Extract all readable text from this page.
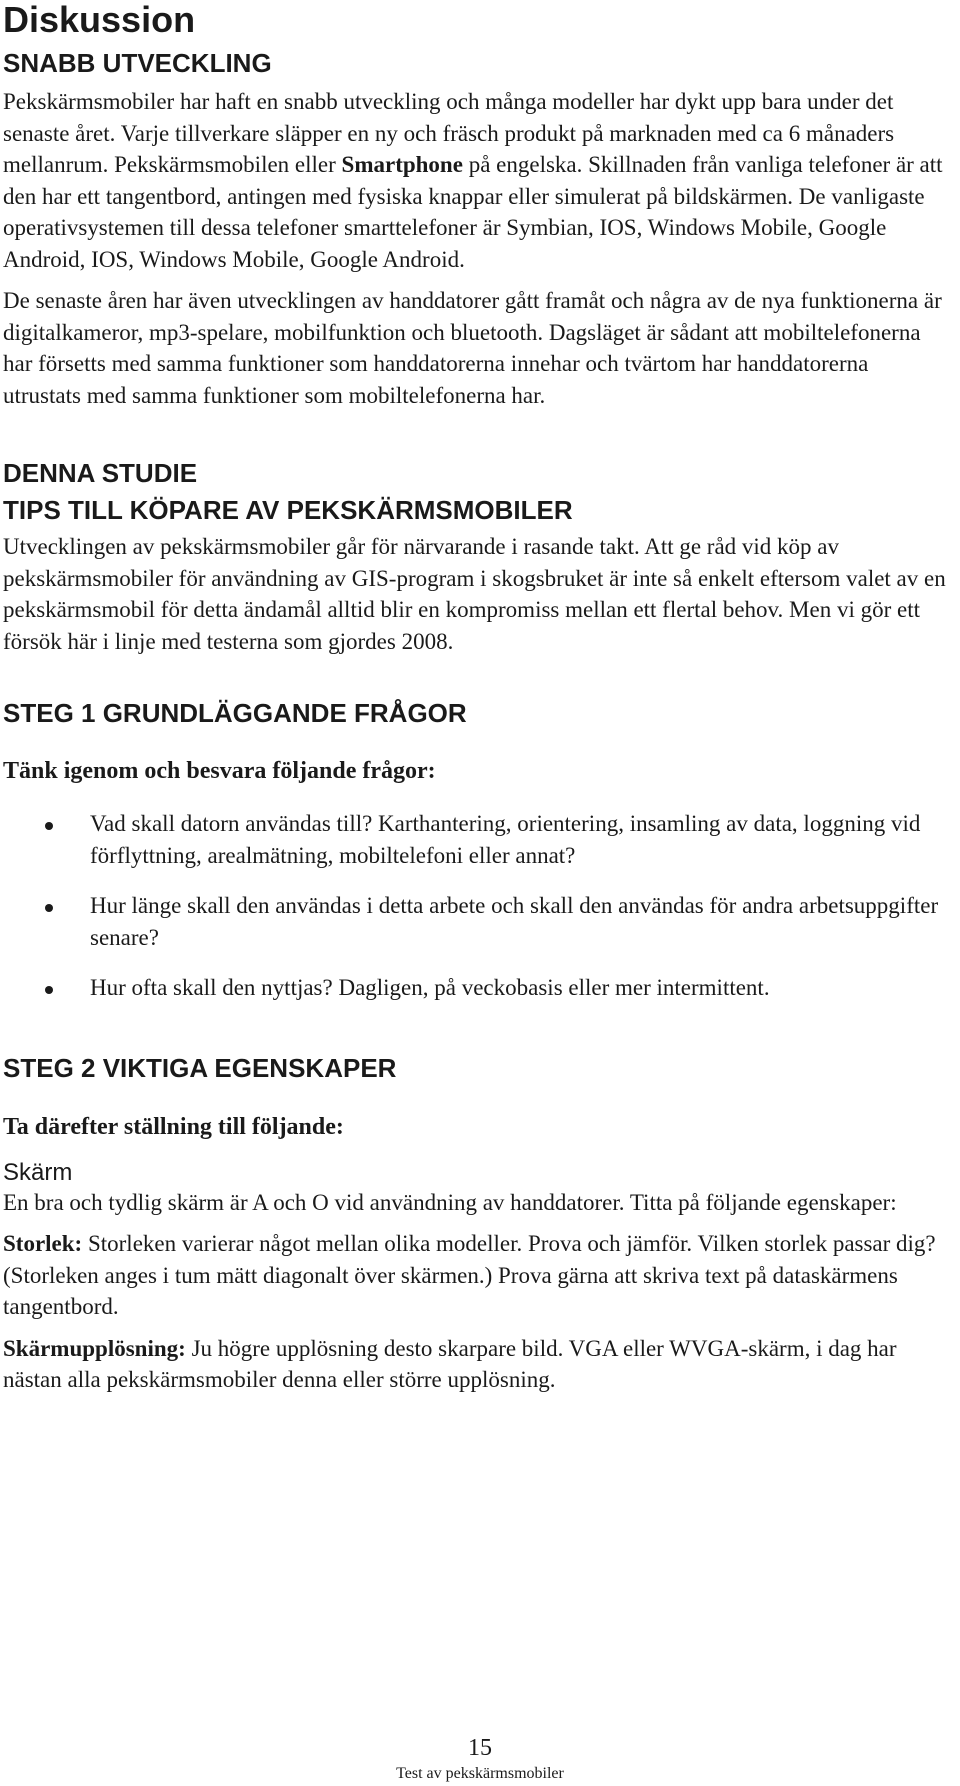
Diskussion
SNABB UTVECKLING

Pekskärmsmobiler har haft en snabb utveckling och många modeller har dykt upp bara under det senaste året. Varje tillverkare släpper en ny och fräsch produkt på marknaden med ca 6 månaders mellanrum. Pekskärmsmobilen eller Smartphone på engelska. Skillnaden från vanliga telefoner är att den har ett tangentbord, antingen med fysiska knappar eller simulerat på bildskärmen. De vanligaste operativsystemen till dessa telefoner smarttelefoner är Symbian, IOS, Windows Mobile, Google Android, IOS, Windows Mobile, Google Android.

De senaste åren har även utvecklingen av handdatorer gått framåt och några av de nya funktionerna är digitalkameror, mp3-spelare, mobilfunktion och bluetooth. Dagsläget är sådant att mobiltelefonerna har försetts med samma funktioner som handdatorerna innehar och tvärtom har handdatorerna utrustats med samma funktioner som mobiltelefonerna har.

DENNA STUDIE
TIPS TILL KÖPARE AV PEKSKÄRMSMOBILER

Utvecklingen av pekskärmsmobiler går för närvarande i rasande takt. Att ge råd vid köp av pekskärmsmobiler för användning av GIS-program i skogsbruket är inte så enkelt eftersom valet av en pekskärmsmobil för detta ändamål alltid blir en kompromiss mellan ett flertal behov. Men vi gör ett försök här i linje med testerna som gjordes 2008.

STEG 1 GRUNDLÄGGANDE FRÅGOR
Tänk igenom och besvara följande frågor:
Vad skall datorn användas till? Karthantering, orientering, insamling av data, loggning vid förflyttning, arealmätning, mobiltelefoni eller annat?
Hur länge skall den användas i detta arbete och skall den användas för andra arbetsuppgifter senare?
Hur ofta skall den nyttjas? Dagligen, på veckobasis eller mer intermittent.
STEG 2 VIKTIGA EGENSKAPER
Ta därefter ställning till följande:
Skärm

En bra och tydlig skärm är A och O vid användning av handdatorer. Titta på följande egenskaper:

Storlek: Storleken varierar något mellan olika modeller. Prova och jämför. Vilken storlek passar dig? (Storleken anges i tum mätt diagonalt över skärmen.) Prova gärna att skriva text på dataskärmens tangentbord.

Skärmupplösning: Ju högre upplösning desto skarpare bild. VGA eller WVGA-skärm, i dag har nästan alla pekskärmsmobiler denna eller större upplösning.

15
Test av pekskärmsmobiler
